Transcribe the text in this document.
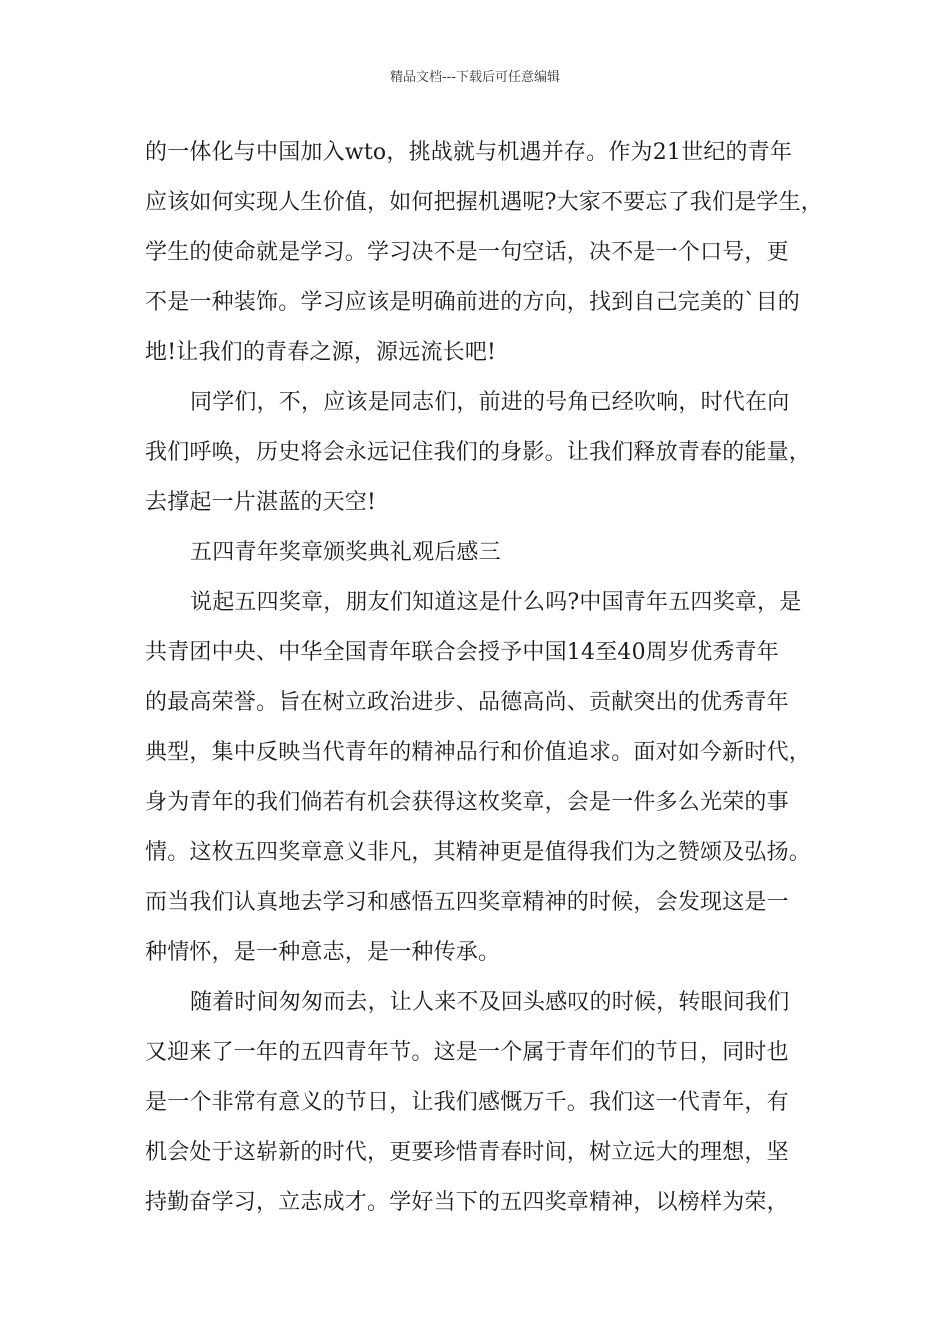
精品文档---下载后可任意编辑
的一体化与中国加入wto，挑战就与机遇并存。作为21世纪的青年
应该如何实现人生价值，如何把握机遇呢?大家不要忘了我们是学生，
学生的使命就是学习。学习决不是一句空话，决不是一个口号，更
不是一种装饰。学习应该是明确前进的方向，找到自己完美的`目的
地!让我们的青春之源，源远流长吧!
同学们，不，应该是同志们，前进的号角已经吹响，时代在向
我们呼唤，历史将会永远记住我们的身影。让我们释放青春的能量，
去撑起一片湛蓝的天空!
五四青年奖章颁奖典礼观后感三
说起五四奖章，朋友们知道这是什么吗?中国青年五四奖章，是
共青团中央、中华全国青年联合会授予中国14至40周岁优秀青年
的最高荣誉。旨在树立政治进步、品德高尚、贡献突出的优秀青年
典型，集中反映当代青年的精神品行和价值追求。面对如今新时代，
身为青年的我们倘若有机会获得这枚奖章，会是一件多么光荣的事
情。这枚五四奖章意义非凡，其精神更是值得我们为之赞颂及弘扬。
而当我们认真地去学习和感悟五四奖章精神的时候，会发现这是一
种情怀，是一种意志，是一种传承。
随着时间匆匆而去，让人来不及回头感叹的时候，转眼间我们
又迎来了一年的五四青年节。这是一个属于青年们的节日，同时也
是一个非常有意义的节日，让我们感慨万千。我们这一代青年，有
机会处于这崭新的时代，更要珍惜青春时间，树立远大的理想，坚
持勤奋学习，立志成才。学好当下的五四奖章精神，以榜样为荣，
